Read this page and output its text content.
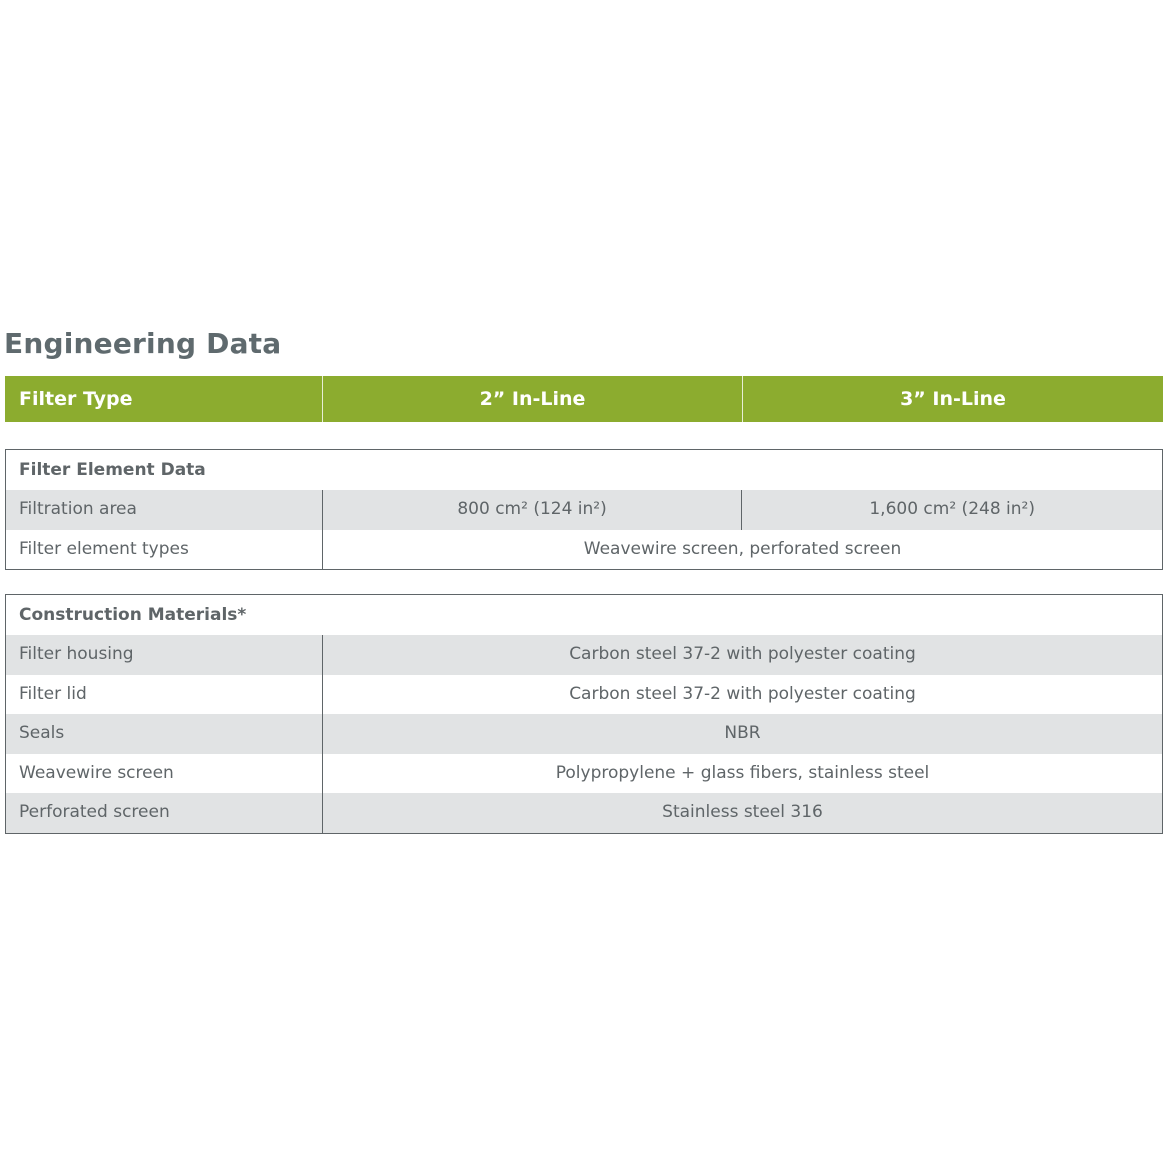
Engineering Data
Filter Type	2” In-Line	3” In-Line
Filter Element Data
Filtration area	800 cm² (124 in²)	1,600 cm² (248 in²)
Filter element types	Weavewire screen, perforated screen
Construction Materials*
Filter housing	Carbon steel 37-2 with polyester coating
Filter lid	Carbon steel 37-2 with polyester coating
Seals	NBR
Weavewire screen	Polypropylene + glass fibers, stainless steel
Perforated screen	Stainless steel 316
